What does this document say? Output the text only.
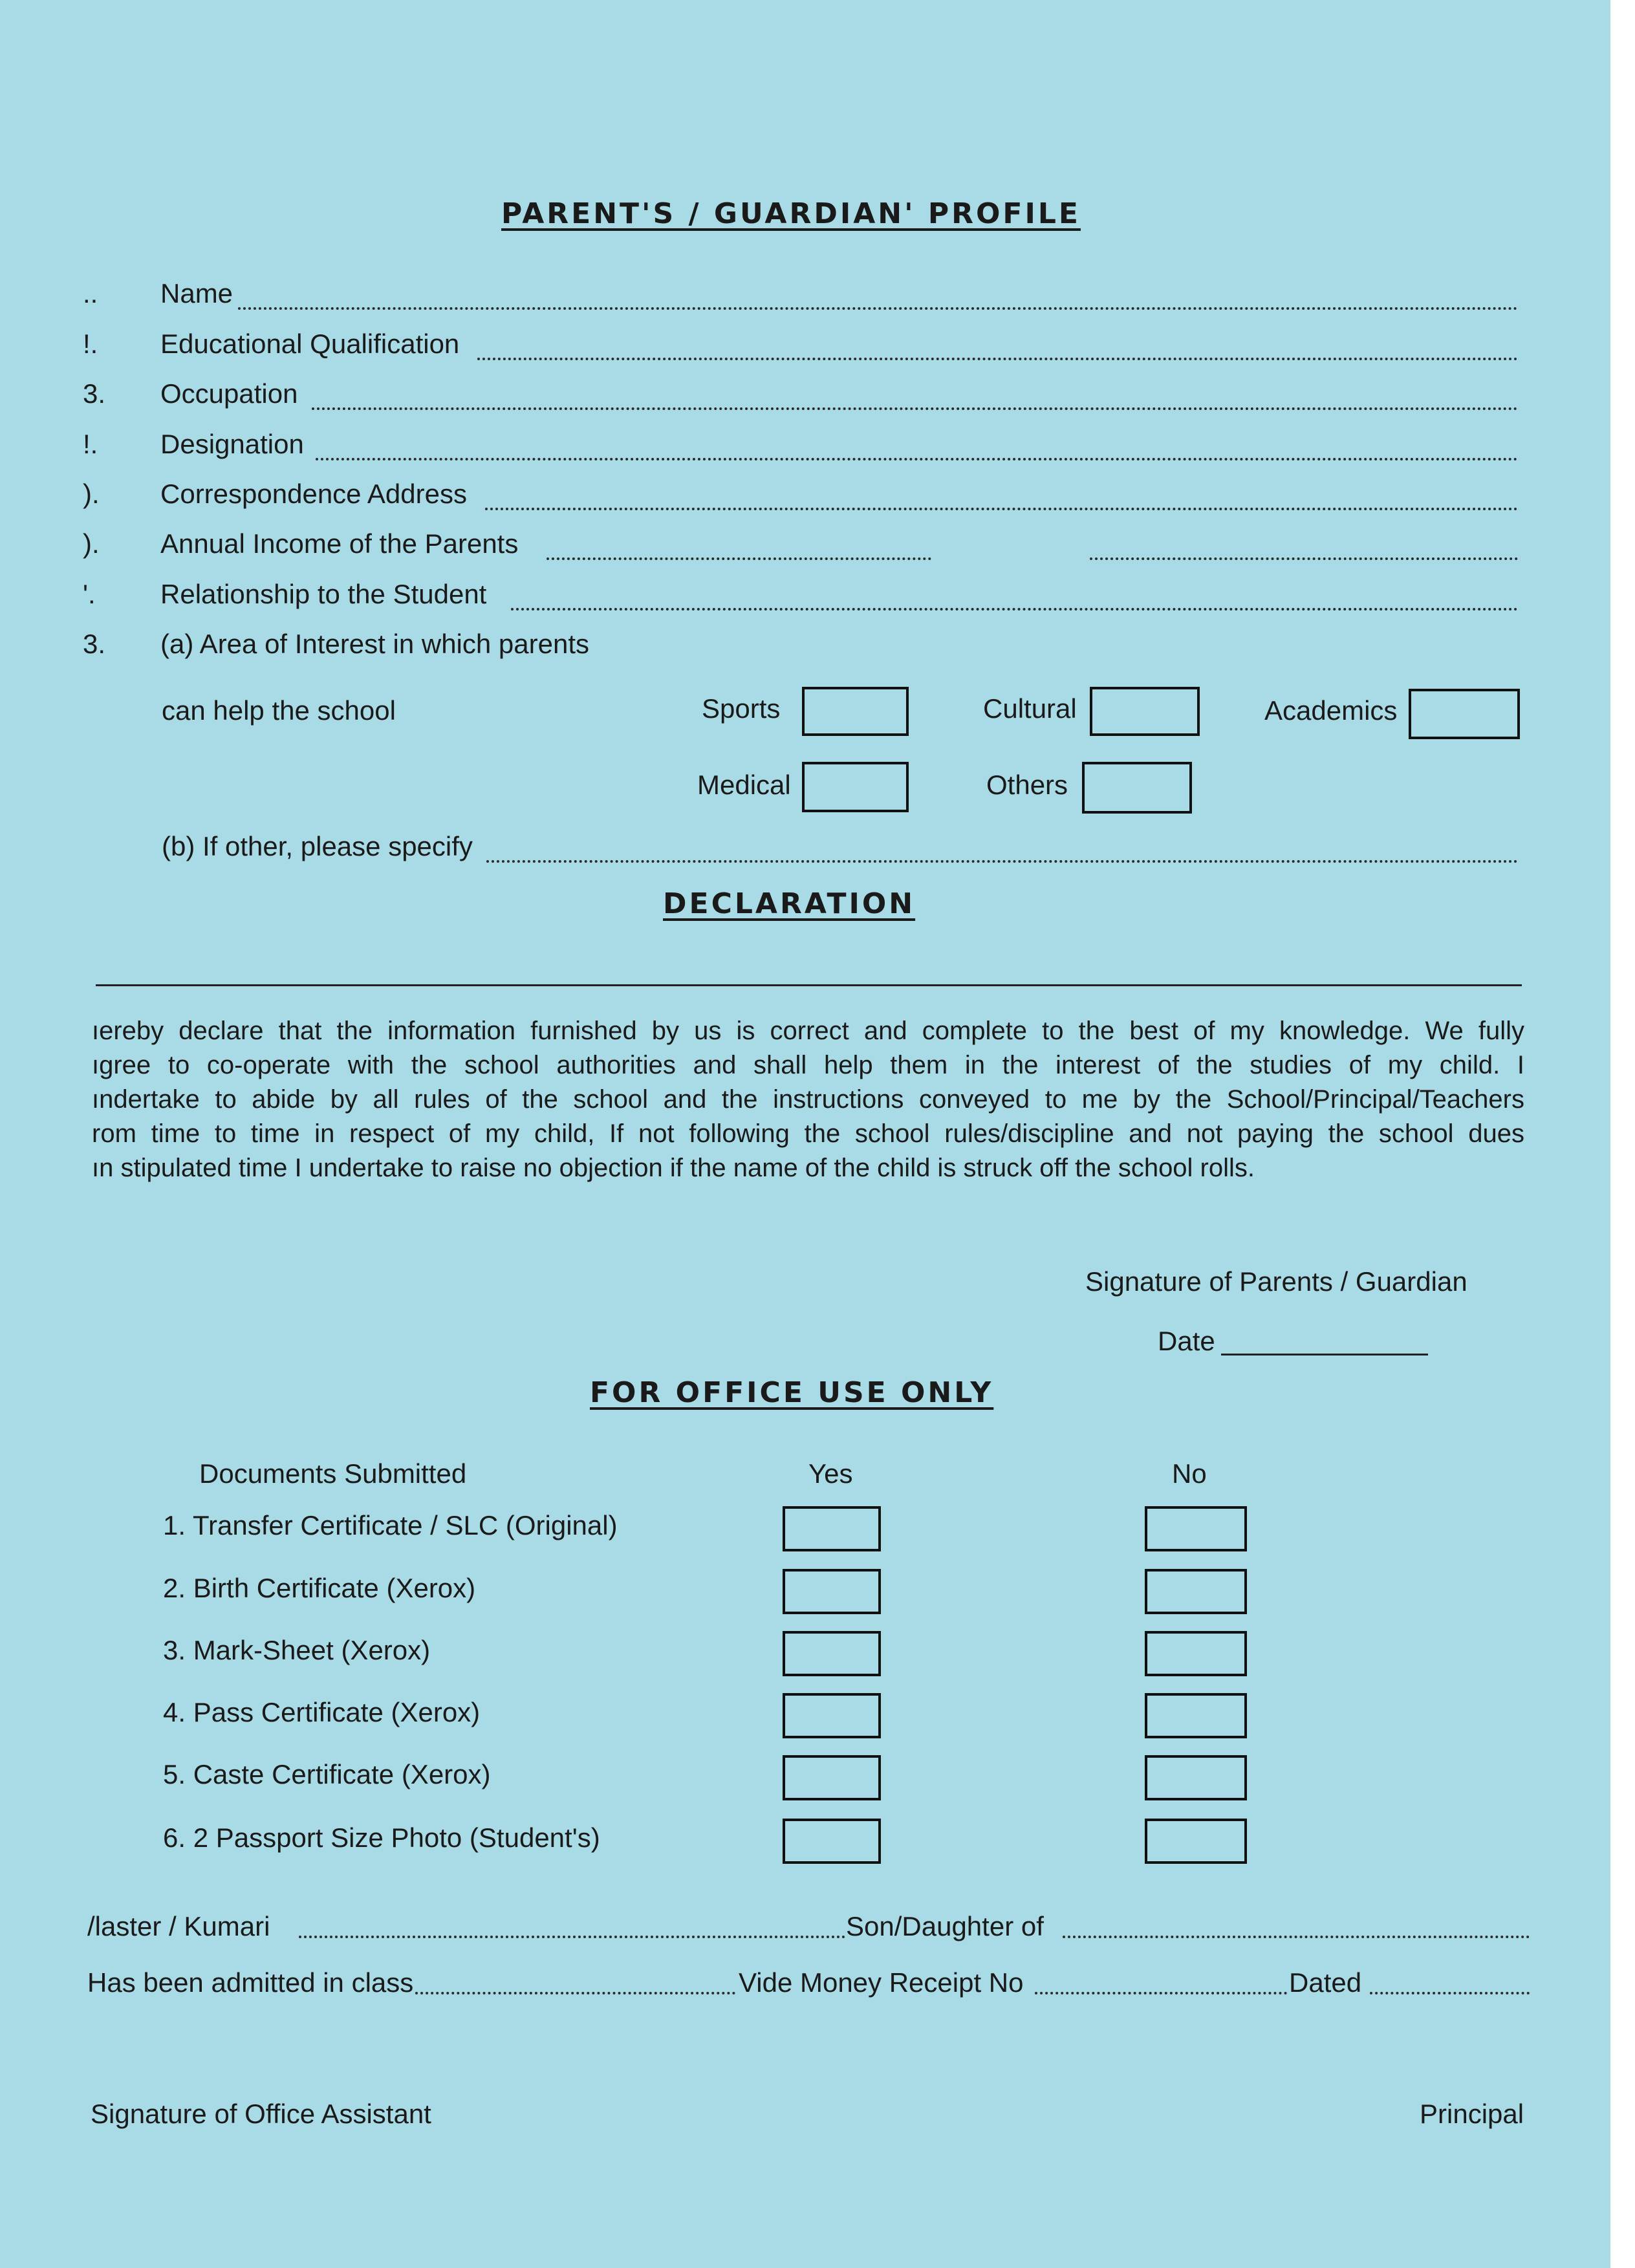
PARENT'S / GUARDIAN' PROFILE
.. Name
!. Educational Qualification
3. Occupation
!. Designation
). Correspondence Address
). Annual Income of the Parents
'. Relationship to the Student
3. (a) Area of Interest in which parents
can help the school	Sports	Cultural	Academics
Medical	Others
(b) If other, please specify
DECLARATION
ıereby declare that the information furnished by us is correct and complete to the best of my knowledge. We fully
ıgree to co-operate with the school authorities and shall help them in the interest of the studies of my child. I
ındertake to abide by all rules of the school and the instructions conveyed to me by the School/Principal/Teachers
rom time to time in respect of my child, If not following the school rules/discipline and not paying the school dues
ın stipulated time I undertake to raise no objection if the name of the child is struck off the school rolls.
Signature of Parents / Guardian
Date
FOR OFFICE USE ONLY
Documents Submitted	Yes	No
1. Transfer Certificate / SLC (Original)
2. Birth Certificate (Xerox)
3. Mark-Sheet (Xerox)
4. Pass Certificate (Xerox)
5. Caste Certificate (Xerox)
6. 2 Passport Size Photo (Student's)
/laster / Kumari	Son/Daughter of
Has been admitted in class	Vide Money Receipt No	Dated
Signature of Office Assistant	Principal
